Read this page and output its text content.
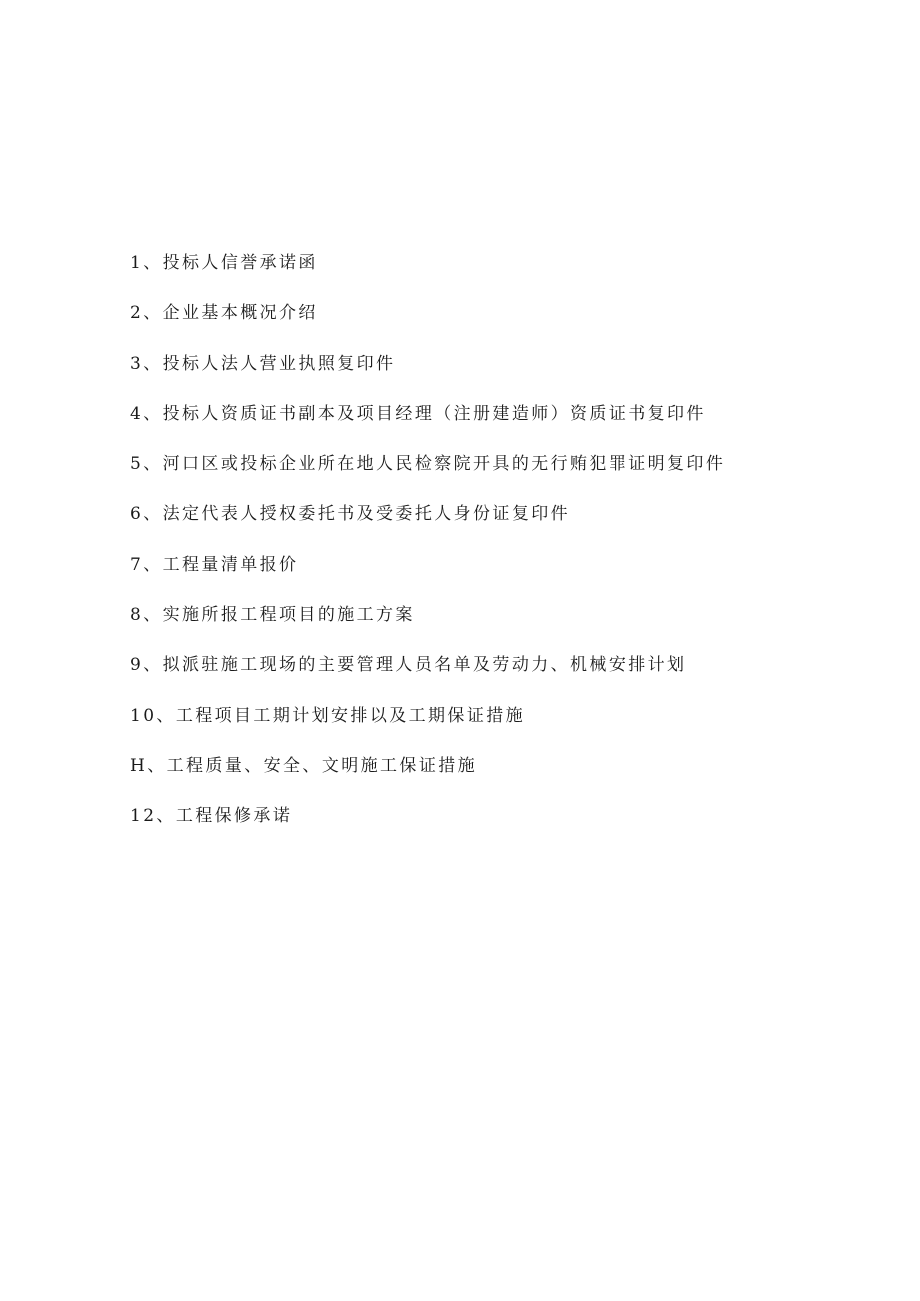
1、投标人信誉承诺函
2、企业基本概况介绍
3、投标人法人营业执照复印件
4、投标人资质证书副本及项目经理（注册建造师）资质证书复印件
5、河口区或投标企业所在地人民检察院开具的无行贿犯罪证明复印件
6、法定代表人授权委托书及受委托人身份证复印件
7、工程量清单报价
8、实施所报工程项目的施工方案
9、拟派驻施工现场的主要管理人员名单及劳动力、机械安排计划
10、工程项目工期计划安排以及工期保证措施
H、工程质量、安全、文明施工保证措施
12、工程保修承诺
